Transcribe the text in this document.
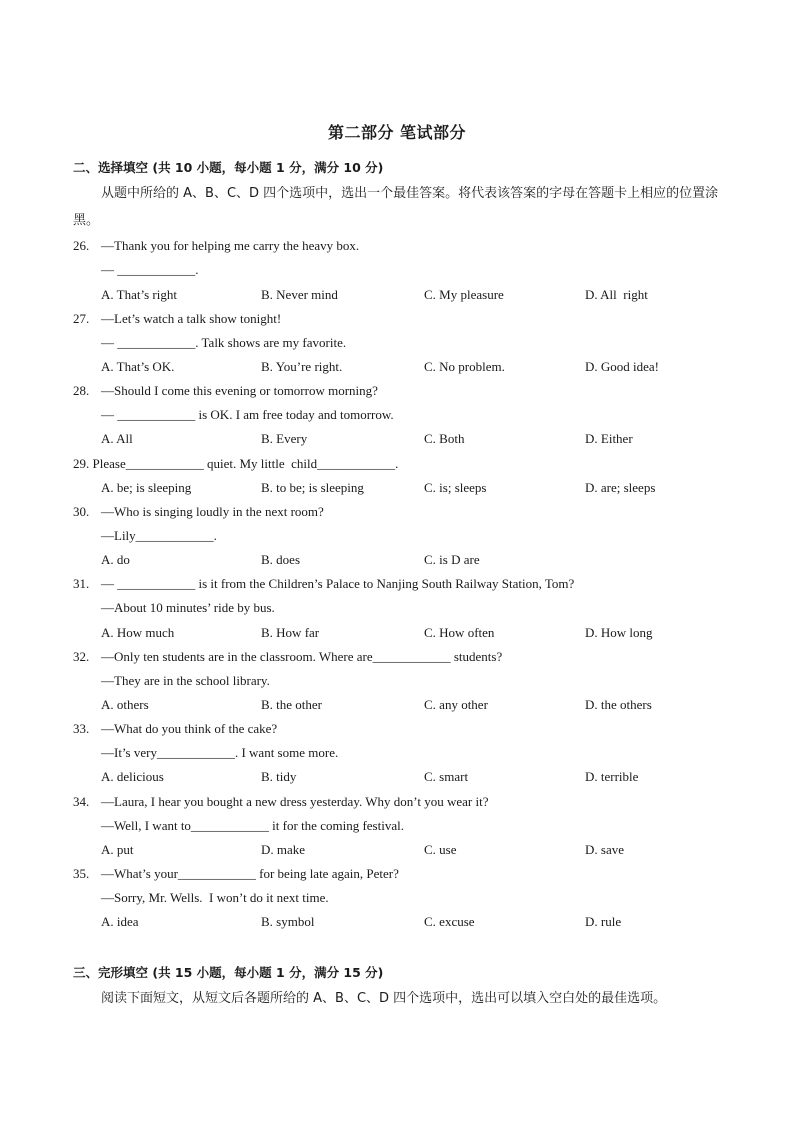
第二部分 笔试部分
二、选择填空 (共 10 小题，每小题 1 分，满分 10 分)
从题中所给的 A、B、C、D 四个选项中，选出一个最佳答案。将代表该答案的字母在答题卡上相应的位置涂黑。
26. —Thank you for helping me carry the heavy box.
— ____________.
A. That’s right	B. Never mind	C. My pleasure	D. All  right
27. —Let’s watch a talk show tonight!
— ____________. Talk shows are my favorite.
A. That’s OK.	B. You’re right.	C. No problem.	D. Good idea!
28. —Should I come this evening or tomorrow morning?
— ____________ is OK. I am free today and tomorrow.
A. All	B. Every	C. Both	D. Either
29. Please____________ quiet. My little  child____________.
A. be; is sleeping	B. to be; is sleeping	C. is; sleeps	D. are; sleeps
30. —Who is singing loudly in the next room?
—Lily____________.
A. do	B. does	C. is D are
31. — ____________ is it from the Children’s Palace to Nanjing South Railway Station, Tom?
—About 10 minutes’ ride by bus.
A. How much	B. How far	C. How often	D. How long
32. —Only ten students are in the classroom. Where are____________ students?
—They are in the school library.
A. others	B. the other	C. any other	D. the others
33. —What do you think of the cake?
—It’s very____________. I want some more.
A. delicious	B. tidy	C. smart	D. terrible
34. —Laura, I hear you bought a new dress yesterday. Why don’t you wear it?
—Well, I want to____________ it for the coming festival.
A. put	D. make	C. use	D. save
35. —What’s your____________ for being late again, Peter?
—Sorry, Mr. Wells.  I won’t do it next time.
A. idea	B. symbol	C. excuse	D. rule
三、完形填空 (共 15 小题，每小题 1 分，满分 15 分)
阅读下面短文，从短文后各题所给的 A、B、C、D 四个选项中，选出可以填入空白处的最佳选项。
